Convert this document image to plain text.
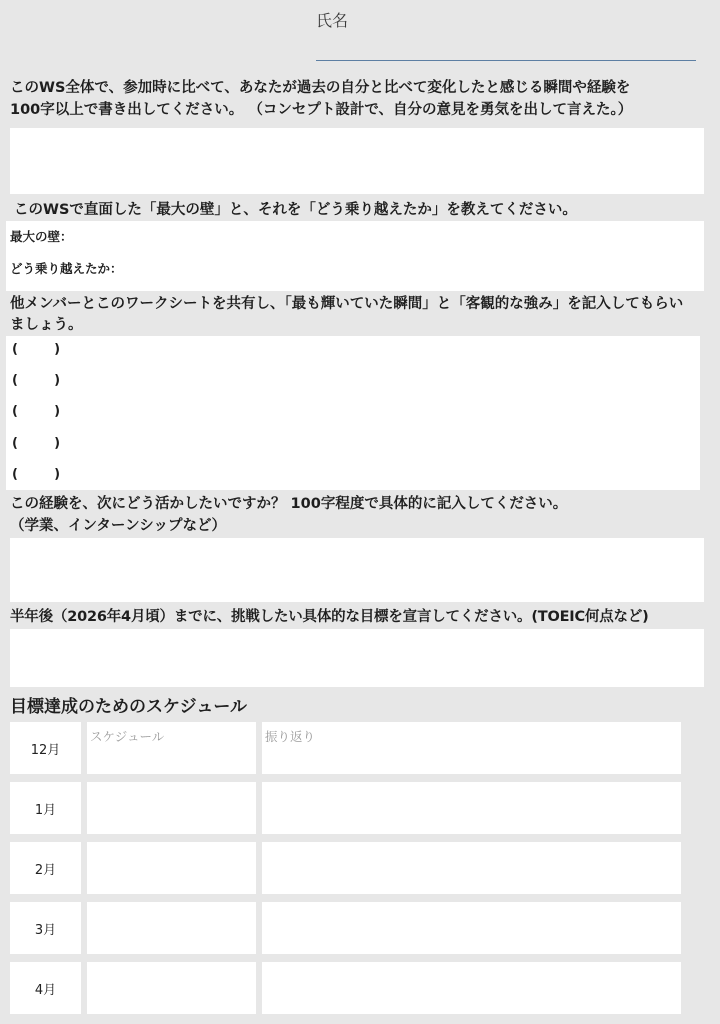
氏名
このWS全体で、参加時に比べて、あなたが過去の自分と比べて変化したと感じる瞬間や経験を
100字以上で書き出してください。 （コンセプト設計で、自分の意見を勇気を出して言えた。）
このWSで直面した「最大の壁」と、それを「どう乗り越えたか」を教えてください。
最大の壁：
どう乗り越えたか：
他メンバーとこのワークシートを共有し、「最も輝いていた瞬間」と「客観的な強み」を記入してもらい
ましょう。
(        )
(        )
(        )
(        )
(        )
この経験を、次にどう活かしたいですか？ 100字程度で具体的に記入してください。
（学業、インターンシップなど）
半年後（2026年4月頃）までに、挑戦したい具体的な目標を宣言してください。(TOEIC何点など)
目標達成のためのスケジュール
12月
スケジュール	振り返り
1月
2月
3月
4月
